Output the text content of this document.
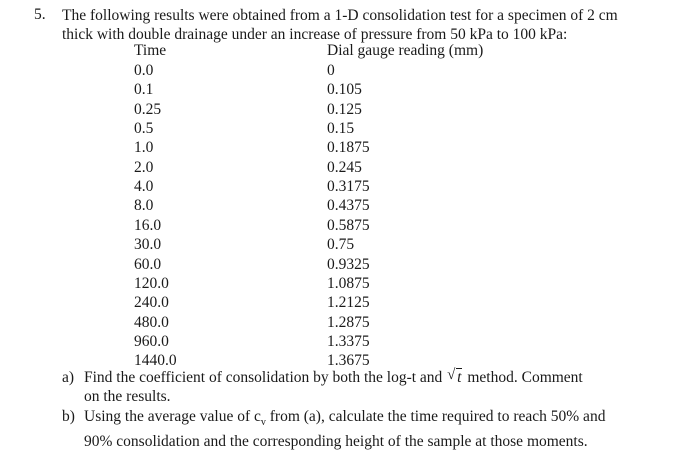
5. The following results were obtained from a 1-D consolidation test for a specimen of 2 cm
thick with double drainage under an increase of pressure from 50 kPa to 100 kPa:
Time	Dial gauge reading (mm)
0.0	0
0.1	0.105
0.25	0.125
0.5	0.15
1.0	0.1875
2.0	0.245
4.0	0.3175
8.0	0.4375
16.0	0.5875
30.0	0.75
60.0	0.9325
120.0	1.0875
240.0	1.2125
480.0	1.2875
960.0	1.3375
1440.0	1.3675
a) Find the coefficient of consolidation by both the log-t and
√ t method. Comment
on the results.
b) Using the average value of $c_v$ from (a), calculate the time required to reach 50% and
90% consolidation and the corresponding height of the sample at those moments.
